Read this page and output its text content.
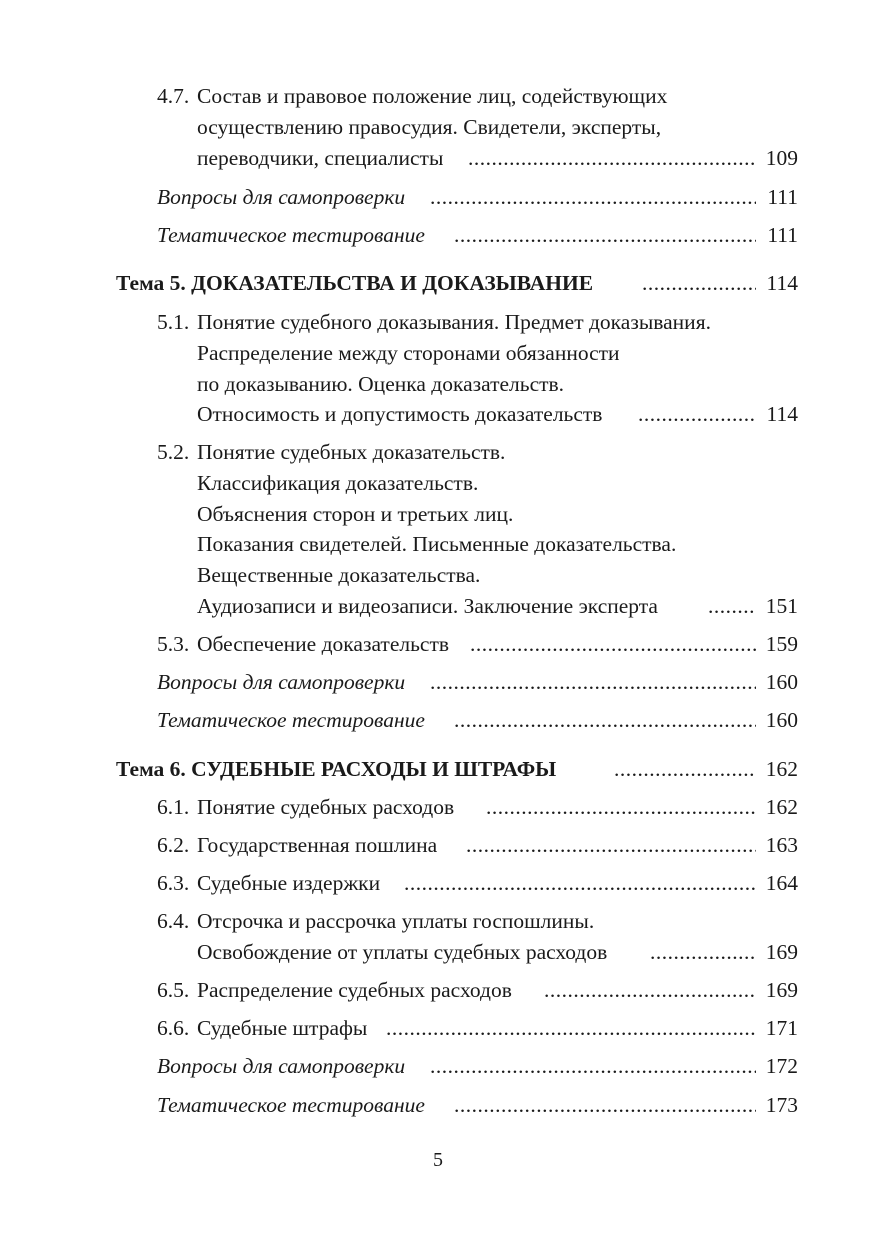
4.7. Состав и правовое положение лиц, содействующих
осуществлению правосудия. Свидетели, эксперты,
переводчики, специалисты .....	109
Вопросы для самопроверки .....	111
Тематическое тестирование .....	111
Тема 5. ДОКАЗАТЕЛЬСТВА И ДОКАЗЫВАНИЕ .....	114
5.1. Понятие судебного доказывания. Предмет доказывания.
Распределение между сторонами обязанности
по доказыванию. Оценка доказательств.
Относимость и допустимость доказательств .....	114
5.2. Понятие судебных доказательств.
Классификация доказательств.
Объяснения сторон и третьих лиц.
Показания свидетелей. Письменные доказательства.
Вещественные доказательства.
Аудиозаписи и видеозаписи. Заключение эксперта .....	151
5.3. Обеспечение доказательств .....	159
Вопросы для самопроверки .....	160
Тематическое тестирование .....	160
Тема 6. СУДЕБНЫЕ РАСХОДЫ И ШТРАФЫ .....	162
6.1. Понятие судебных расходов .....	162
6.2. Государственная пошлина .....	163
6.3. Судебные издержки .....	164
6.4. Отсрочка и рассрочка уплаты госпошлины.
Освобождение от уплаты судебных расходов .....	169
6.5. Распределение судебных расходов .....	169
6.6. Судебные штрафы .....	171
Вопросы для самопроверки .....	172
Тематическое тестирование .....	173
5
